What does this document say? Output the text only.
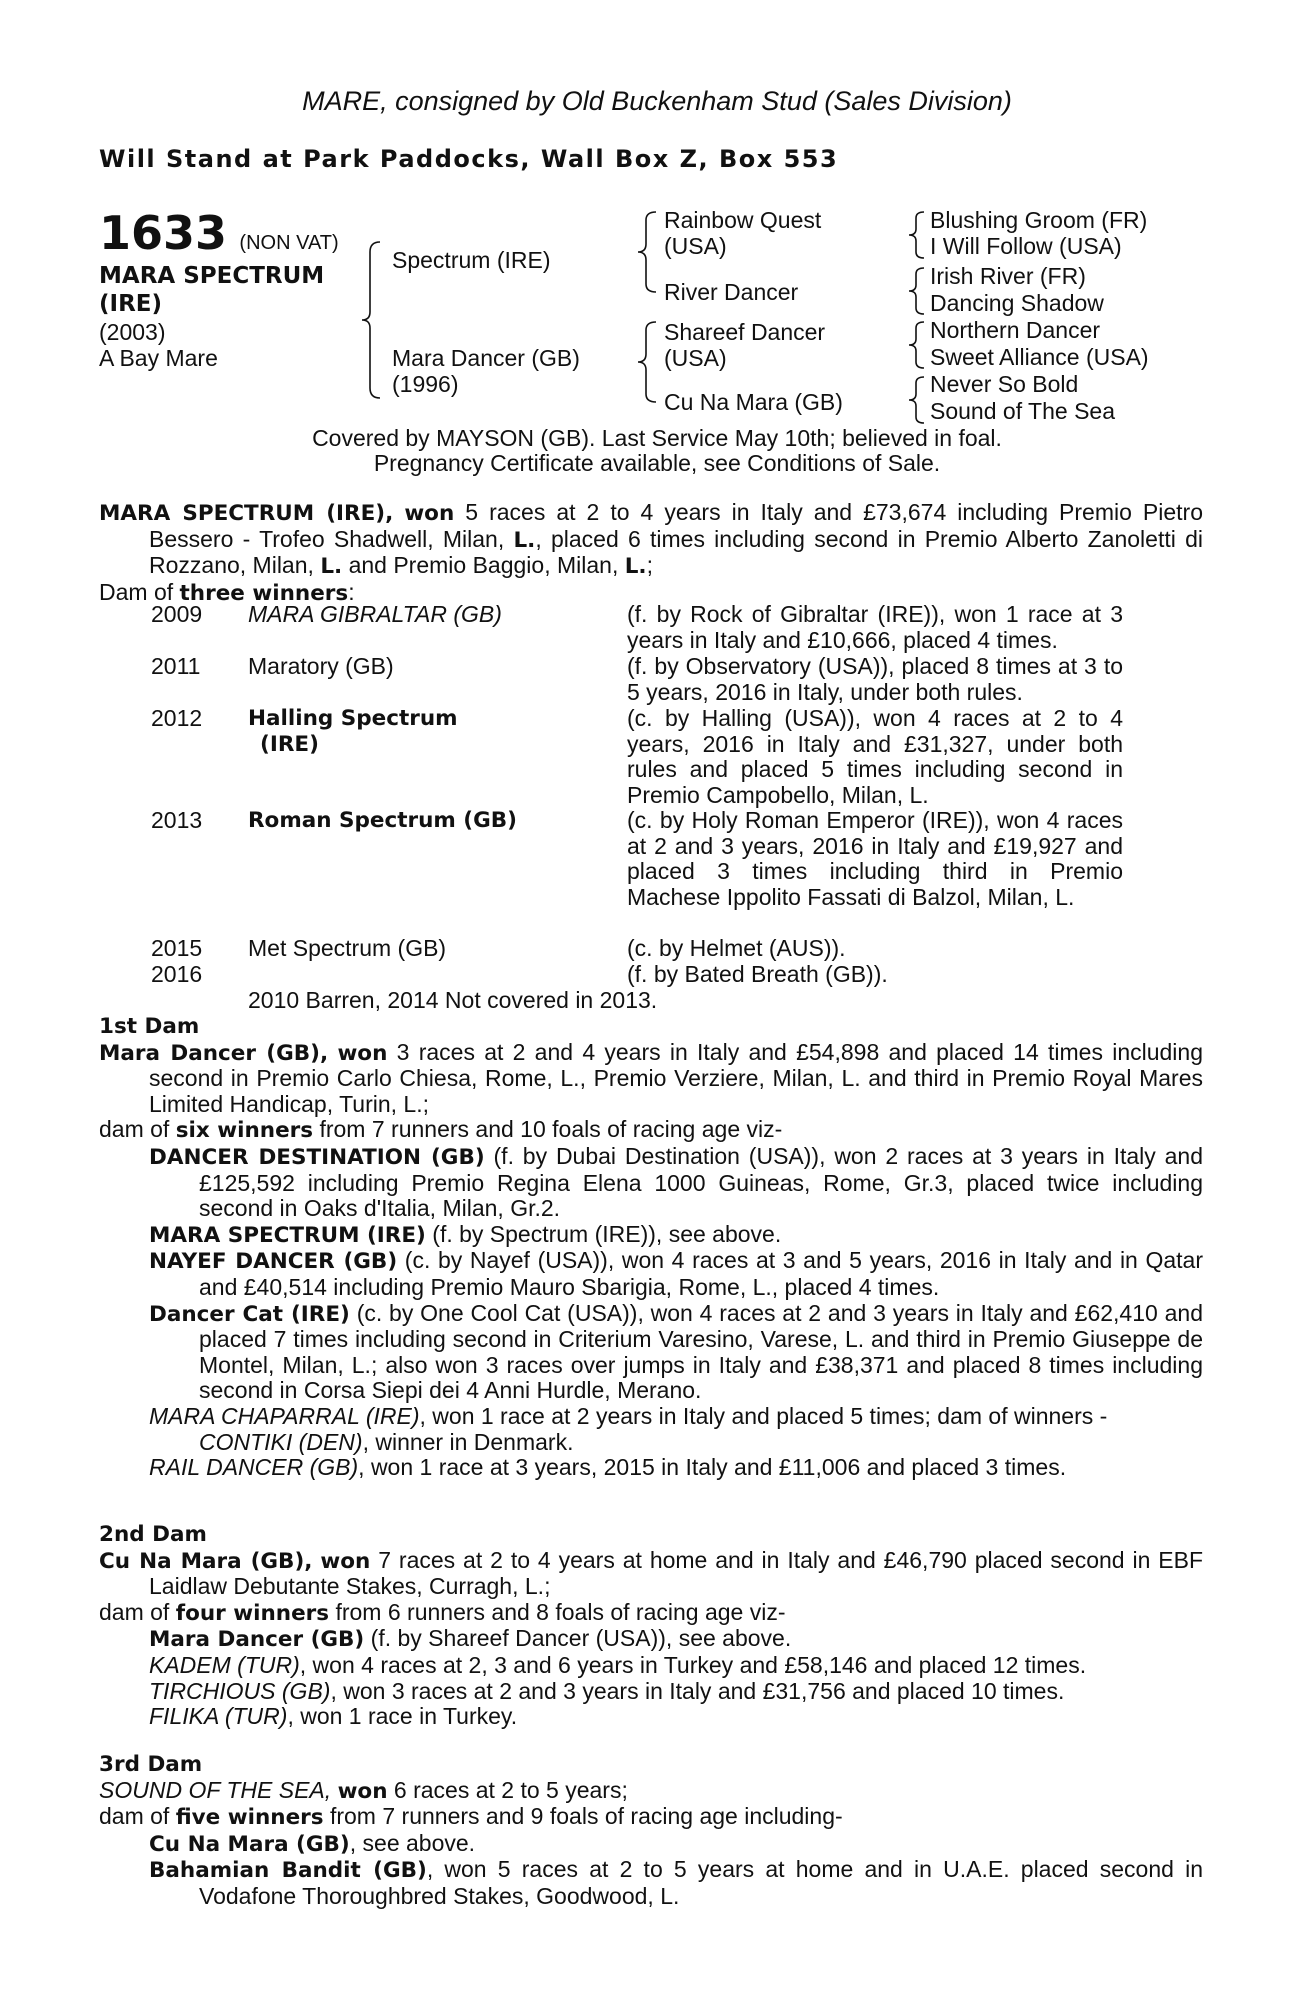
MARE, consigned by Old Buckenham Stud (Sales Division)
Will Stand at Park Paddocks, Wall Box Z, Box 553
1633 (NON VAT)
MARA SPECTRUM
(IRE)
(2003)
A Bay Mare
Spectrum (IRE)
Mara Dancer (GB)
(1996)
Rainbow Quest
(USA)
River Dancer
Shareef Dancer
(USA)
Cu Na Mara (GB)
Blushing Groom (FR)
I Will Follow (USA)
Irish River (FR)
Dancing Shadow
Northern Dancer
Sweet Alliance (USA)
Never So Bold
Sound of The Sea
Covered by MAYSON (GB). Last Service May 10th; believed in foal.
Pregnancy Certificate available, see Conditions of Sale.

MARA SPECTRUM (IRE), won 5 races at 2 to 4 years in Italy and £73,674 including Premio Pietro Bessero - Trofeo Shadwell, Milan, L., placed 6 times including second in Premio Alberto Zanoletti di Rozzano, Milan, L. and Premio Baggio, Milan, L.;

Dam of three winners:

2009 MARA GIBRALTAR (GB)	(f. by Rock of Gibraltar (IRE)), won 1 race at 3 years in Italy and £10,666, placed 4 times.
2011 Maratory (GB)	(f. by Observatory (USA)), placed 8 times at 3 to 5 years, 2016 in Italy, under both rules.
2012 Halling Spectrum (IRE)
(c. by Halling (USA)), won 4 races at 2 to 4 years, 2016 in Italy and £31,327, under both rules and placed 5 times including second in Premio Campobello, Milan, L.
2013 Roman Spectrum (GB)	(c. by Holy Roman Emperor (IRE)), won 4 races at 2 and 3 years, 2016 in Italy and £19,927 and placed 3 times including third in Premio Machese Ippolito Fassati di Balzol, Milan, L.
2015 Met Spectrum (GB)	(c. by Helmet (AUS)).
2016	(f. by Bated Breath (GB)).
2010 Barren, 2014 Not covered in 2013.

1st Dam

Mara Dancer (GB), won 3 races at 2 and 4 years in Italy and £54,898 and placed 14 times including second in Premio Carlo Chiesa, Rome, L., Premio Verziere, Milan, L. and third in Premio Royal Mares Limited Handicap, Turin, L.;

dam of six winners from 7 runners and 10 foals of racing age viz-

DANCER DESTINATION (GB) (f. by Dubai Destination (USA)), won 2 races at 3 years in Italy and £125,592 including Premio Regina Elena 1000 Guineas, Rome, Gr.3, placed twice including second in Oaks d'Italia, Milan, Gr.2.

MARA SPECTRUM (IRE) (f. by Spectrum (IRE)), see above.

NAYEF DANCER (GB) (c. by Nayef (USA)), won 4 races at 3 and 5 years, 2016 in Italy and in Qatar and £40,514 including Premio Mauro Sbarigia, Rome, L., placed 4 times.

Dancer Cat (IRE) (c. by One Cool Cat (USA)), won 4 races at 2 and 3 years in Italy and £62,410 and placed 7 times including second in Criterium Varesino, Varese, L. and third in Premio Giuseppe de Montel, Milan, L.; also won 3 races over jumps in Italy and £38,371 and placed 8 times including second in Corsa Siepi dei 4 Anni Hurdle, Merano.

MARA CHAPARRAL (IRE), won 1 race at 2 years in Italy and placed 5 times; dam of winners -

CONTIKI (DEN), winner in Denmark.

RAIL DANCER (GB), won 1 race at 3 years, 2015 in Italy and £11,006 and placed 3 times.

2nd Dam

Cu Na Mara (GB), won 7 races at 2 to 4 years at home and in Italy and £46,790 placed second in EBF Laidlaw Debutante Stakes, Curragh, L.;

dam of four winners from 6 runners and 8 foals of racing age viz-

Mara Dancer (GB) (f. by Shareef Dancer (USA)), see above.

KADEM (TUR), won 4 races at 2, 3 and 6 years in Turkey and £58,146 and placed 12 times.

TIRCHIOUS (GB), won 3 races at 2 and 3 years in Italy and £31,756 and placed 10 times.

FILIKA (TUR), won 1 race in Turkey.

3rd Dam

SOUND OF THE SEA, won 6 races at 2 to 5 years;

dam of five winners from 7 runners and 9 foals of racing age including-

Cu Na Mara (GB), see above.

Bahamian Bandit (GB), won 5 races at 2 to 5 years at home and in U.A.E. placed second in Vodafone Thoroughbred Stakes, Goodwood, L.
